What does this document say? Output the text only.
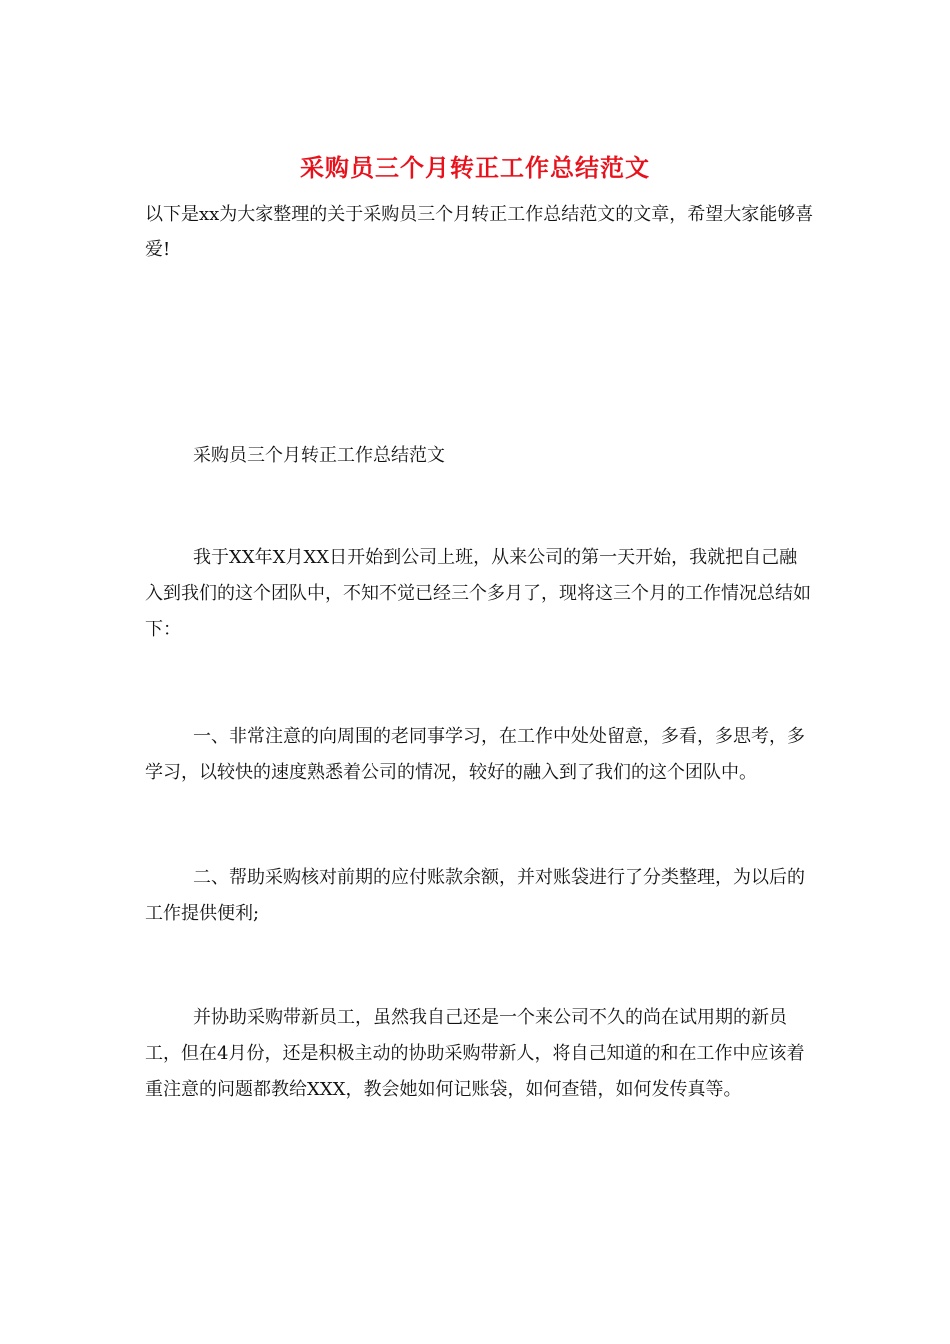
采购员三个月转正工作总结范文
以下是xx为大家整理的关于采购员三个月转正工作总结范文的文章，希望大家能够喜爱!
采购员三个月转正工作总结范文
我于XX年X月XX日开始到公司上班，从来公司的第一天开始，我就把自己融入到我们的这个团队中，不知不觉已经三个多月了，现将这三个月的工作情况总结如下：
一、非常注意的向周围的老同事学习，在工作中处处留意，多看，多思考，多学习，以较快的速度熟悉着公司的情况，较好的融入到了我们的这个团队中。
二、帮助采购核对前期的应付账款余额，并对账袋进行了分类整理，为以后的工作提供便利;
并协助采购带新员工，虽然我自己还是一个来公司不久的尚在试用期的新员工，但在4月份，还是积极主动的协助采购带新人，将自己知道的和在工作中应该着重注意的问题都教给XXX，教会她如何记账袋，如何查错，如何发传真等。
